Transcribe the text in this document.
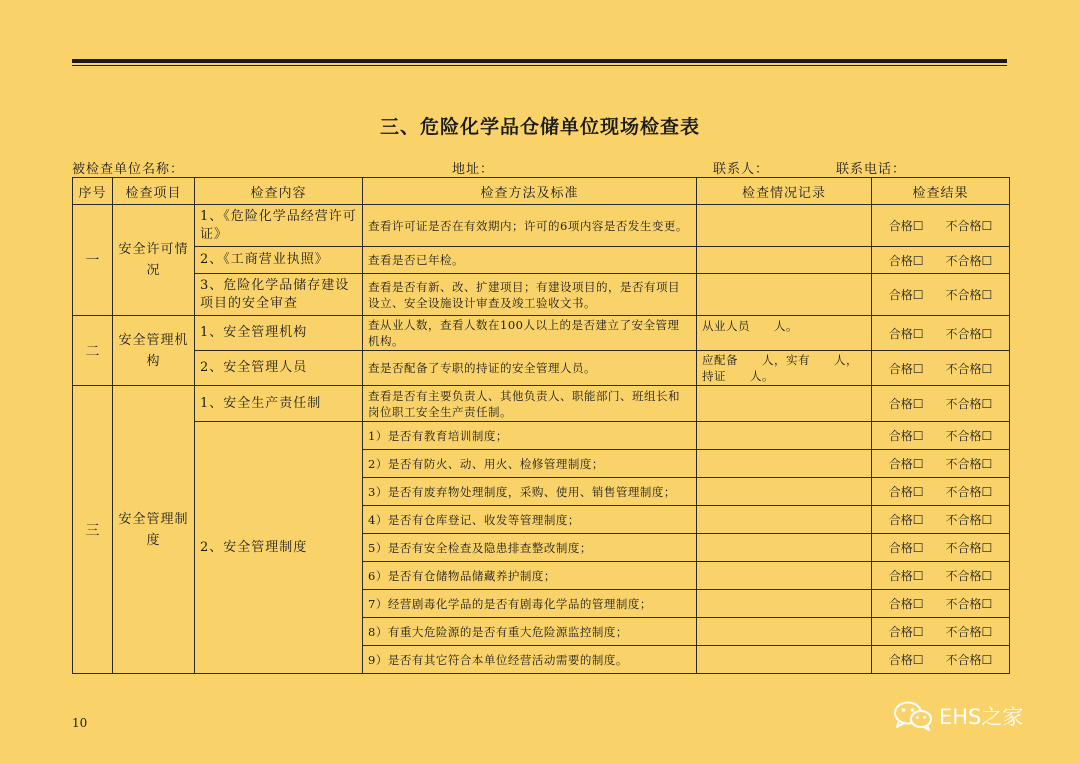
三、危险化学品仓储单位现场检查表
被检查单位名称：	地址：	联系人：	联系电话：
序号	检查项目	检查内容	检查方法及标准	检查情况记录	检查结果
一	安全许可情况	1、《危险化学品经营许可证》	查看许可证是否在有效期内；许可的6项内容是否发生变更。		合格☐ 不合格☐
		2、《工商营业执照》	查看是否已年检。		合格☐ 不合格☐
		3、危险化学品储存建设项目的安全审查	查看是否有新、改、扩建项目；有建设项目的，是否有项目设立、安全设施设计审查及竣工验收文书。		合格☐ 不合格☐
二	安全管理机构	1、安全管理机构	查从业人数，查看人数在100人以上的是否建立了安全管理机构。	从业人员　　人。	合格☐ 不合格☐
		2、安全管理人员	查是否配备了专职的持证的安全管理人员。	应配备　　人，实有　　人，持证　　人。	合格☐ 不合格☐
三	安全管理制度	1、安全生产责任制	查看是否有主要负责人、其他负责人、职能部门、班组长和岗位职工安全生产责任制。		合格☐ 不合格☐
		2、安全管理制度	1）是否有教育培训制度；		合格☐ 不合格☐
			2）是否有防火、动、用火、检修管理制度；		合格☐ 不合格☐
			3）是否有废弃物处理制度，采购、使用、销售管理制度；		合格☐ 不合格☐
			4）是否有仓库登记、收发等管理制度；		合格☐ 不合格☐
			5）是否有安全检查及隐患排查整改制度；		合格☐ 不合格☐
			6）是否有仓储物品储藏养护制度；		合格☐ 不合格☐
			7）经营剧毒化学品的是否有剧毒化学品的管理制度；		合格☐ 不合格☐
			8）有重大危险源的是否有重大危险源监控制度；		合格☐ 不合格☐
			9）是否有其它符合本单位经营活动需要的制度。		合格☐ 不合格☐
10	EHS之家
